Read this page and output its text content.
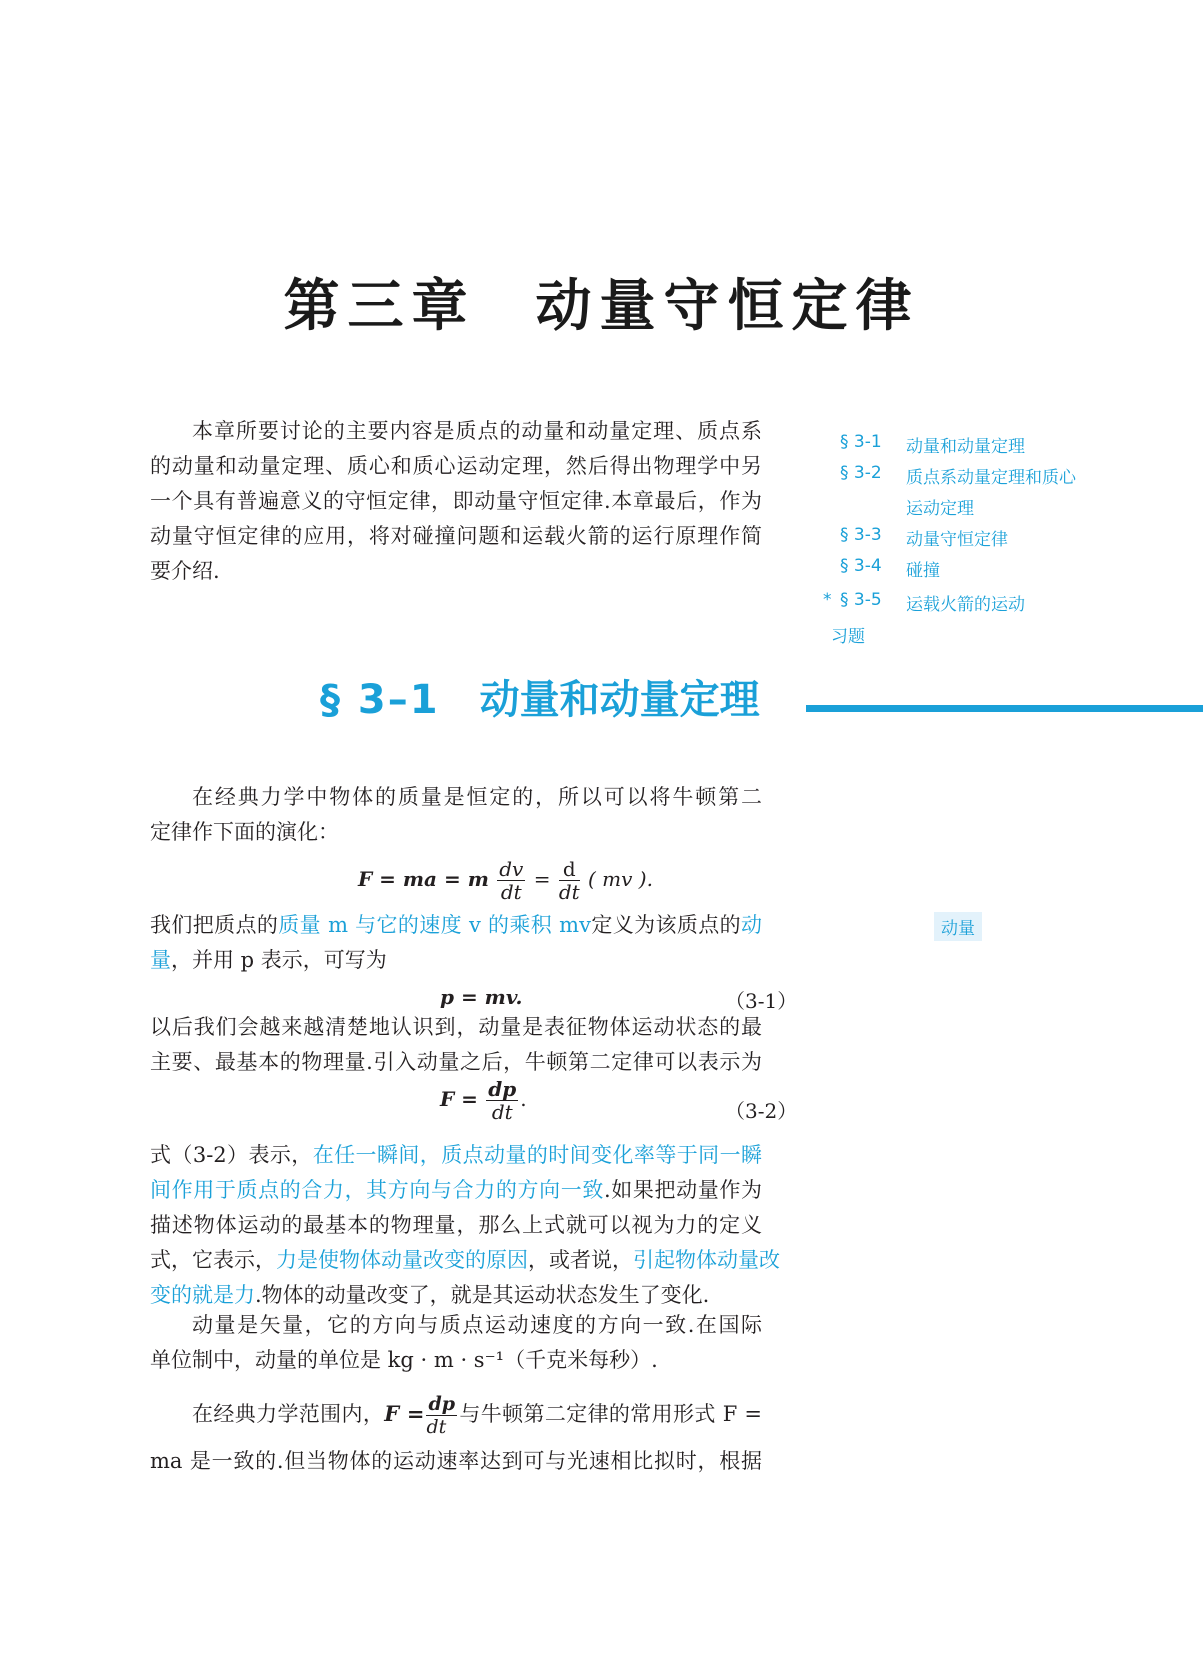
第三章 动量守恒定律
本章所要讨论的主要内容是质点的动量和动量定理、质点系
的动量和动量定理、质心和质心运动定理，然后得出物理学中另
一个具有普遍意义的守恒定律，即动量守恒定律.本章最后，作为
动量守恒定律的应用，将对碰撞问题和运载火箭的运行原理作简
要介绍.
§ 3-1 动量和动量定理
§ 3-2 质点系动量定理和质心
运动定理
§ 3-3 动量守恒定律
§ 3-4 碰撞
* § 3-5 运载火箭的运动
习题
§ 3–1 动量和动量定理
在经典力学中物体的质量是恒定的，所以可以将牛顿第二
定律作下面的演化：
F = ma = m $\frac{dv}{dt} = \frac{d}{dt}$ ( mv ).
我们把质点的质量 m 与它的速度 v 的乘积 mv定义为该质点的动
量，并用 p 表示，可写为
动量
p = mv.	（3-1）
以后我们会越来越清楚地认识到，动量是表征物体运动状态的最
主要、最基本的物理量.引入动量之后，牛顿第二定律可以表示为
$F = \frac{dp}{dt}$ .	（3-2）
式（3-2）表示，在任一瞬间，质点动量的时间变化率等于同一瞬
间作用于质点的合力，其方向与合力的方向一致.如果把动量作为
描述物体运动的最基本的物理量，那么上式就可以视为力的定义
式，它表示，力是使物体动量改变的原因，或者说，引起物体动量改
变的就是力.物体的动量改变了，就是其运动状态发生了变化.
动量是矢量，它的方向与质点运动速度的方向一致.在国际
单位制中，动量的单位是 kg · m · s⁻¹（千克米每秒）.
在经典力学范围内，$F = \frac{dp}{dt}$ 与牛顿第二定律的常用形式 F =
ma 是一致的.但当物体的运动速率达到可与光速相比拟时，根据
